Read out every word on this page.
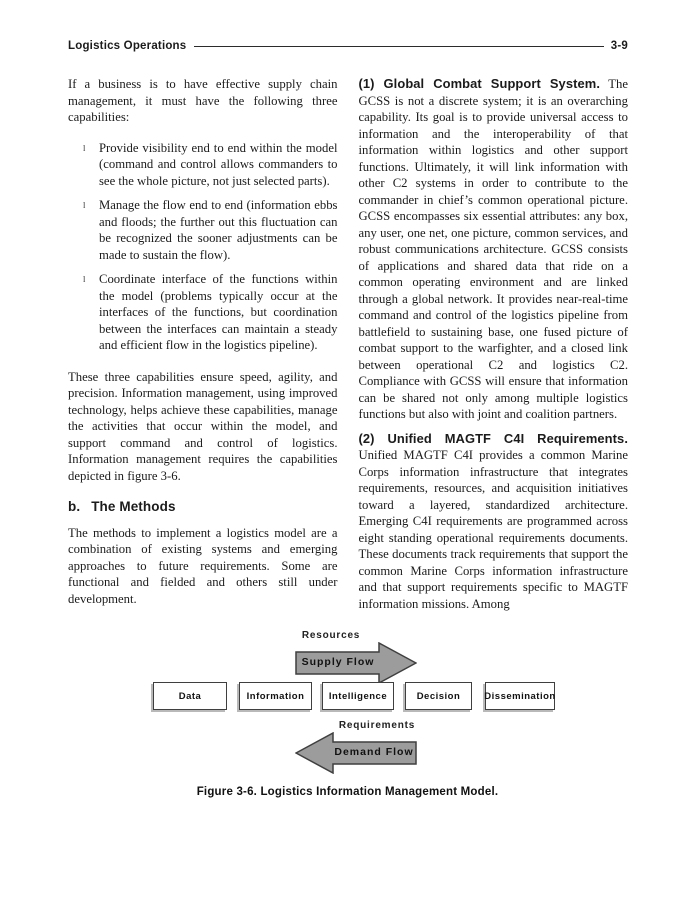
Logistics Operations	3-9

If a business is to have effective supply chain management, it must have the following three capabilities:

l	Provide visibility end to end within the model (command and control allows commanders to see the whole picture, not just selected parts).
l	Manage the flow end to end (information ebbs and floods; the further out this fluctuation can be recognized the sooner adjustments can be made to sustain the flow).
l	Coordinate interface of the functions within the model (problems typically occur at the interfaces of the functions, but coordination between the interfaces can maintain a steady and efficient flow in the logistics pipeline).

These three capabilities ensure speed, agility, and precision. Information management, using improved technology, helps achieve these capabilities, manage the activities that occur within the model, and support command and control of logistics. Information management requires the capabilities depicted in figure 3-6.

b. The Methods

The methods to implement a logistics model are a combination of existing systems and emerging approaches to future requirements. Some are functional and fielded and others still under development.

(1) Global Combat Support System. The GCSS is not a discrete system; it is an overarching capability. Its goal is to provide universal access to information and the interoperability of that information within logistics and other support functions. Ultimately, it will link information with other C2 systems in order to contribute to the commander in chief’s common operational picture. GCSS encompasses six essential attributes: any box, any user, one net, one picture, common services, and robust communications architecture. GCSS consists of applications and shared data that ride on a common operating environment and are linked through a global network. It provides near-real-time command and control of the logistics pipeline from battlefield to sustaining base, one fused picture of combat support to the warfighter, and a closed link between operational C2 and logistics C2. Compliance with GCSS will ensure that information can be shared not only among multiple logistics functions but also with joint and coalition partners.

(2) Unified MAGTF C4I Requirements. Unified MAGTF C4I provides a common Marine Corps information infrastructure that integrates requirements, resources, and acquisition initiatives toward a layered, standardized architecture. Emerging C4I requirements are programmed across eight standing operational requirements documents. These documents track requirements that support the common Marine Corps information infrastructure and that support requirements specific to MAGTF information missions. Among

Resources
Supply Flow
Data	Information	Intelligence	Decision	Dissemination
Requirements
Demand Flow
Figure 3-6. Logistics Information Management Model.
